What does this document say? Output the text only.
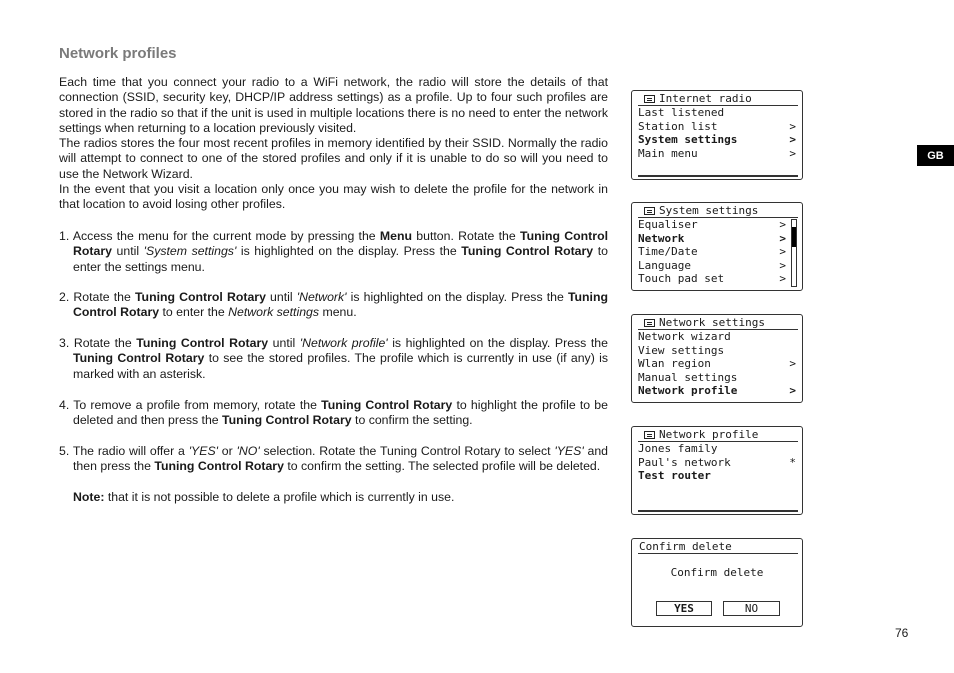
Network profiles

Each time that you connect your radio to a WiFi network, the radio will store the details of that connection (SSID, security key, DHCP/IP address settings) as a profile. Up to four such profiles are stored in the radio so that if the unit is used in multiple locations there is no need to enter the network settings when returning to a location previously visited.

The radios stores the four most recent profiles in memory identified by their SSID. Normally the radio will attempt to connect to one of the stored profiles and only if it is unable to do so will you need to use the Network Wizard.

In the event that you visit a location only once you may wish to delete the profile for the network in that location to avoid losing other profiles.

1. Access the menu for the current mode by pressing the Menu button. Rotate the Tuning Control Rotary until 'System settings' is highlighted on the display. Press the Tuning Control Rotary to enter the settings menu.

2. Rotate the Tuning Control Rotary until 'Network' is highlighted on the display. Press the Tuning Control Rotary to enter the Network settings menu.

3. Rotate the Tuning Control Rotary until 'Network profile' is highlighted on the display. Press the Tuning Control Rotary to see the stored profiles. The profile which is currently in use (if any) is marked with an asterisk.

4. To remove a profile from memory, rotate the Tuning Control Rotary to highlight the profile to be deleted and then press the Tuning Control Rotary to confirm the setting.

5. The radio will offer a 'YES' or 'NO' selection. Rotate the Tuning Control Rotary to select 'YES' and then press the Tuning Control Rotary to confirm the setting. The selected profile will be deleted.

Note: that it is not possible to delete a profile which is currently in use.

GB
76
Internet radio
Last listened
Station list	>
System settings	>
Main menu	>
System settings
Equaliser	>
Network	>
Time/Date	>
Language	>
Touch pad set	>
Network settings
Network wizard
View settings
Wlan region	>
Manual settings
Network profile	>
Network profile
Jones family
Paul's network	*
Test router
Confirm delete
Confirm delete
YES	NO
